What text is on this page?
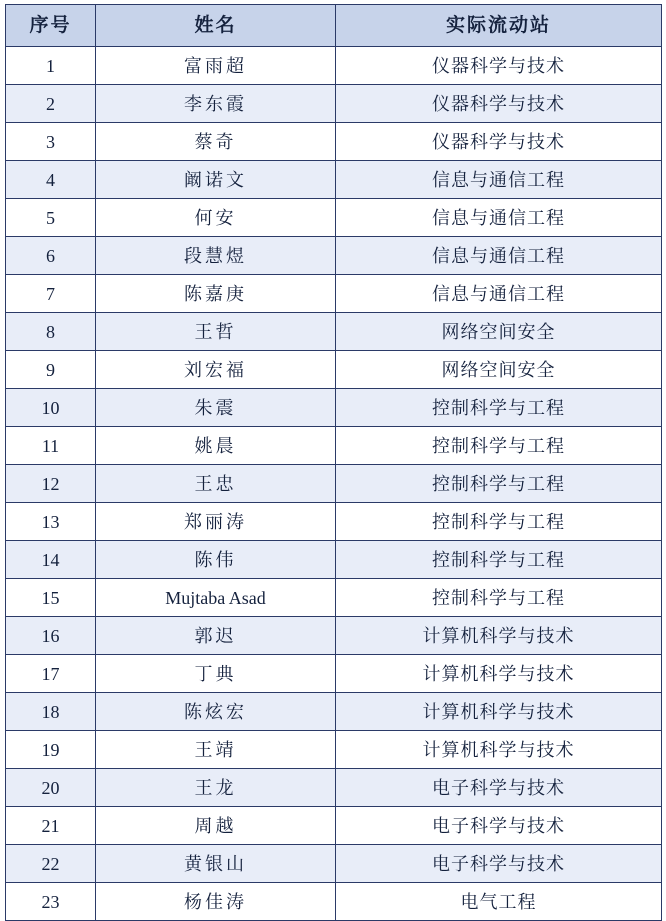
序号	姓名	实际流动站
1	富雨超	仪器科学与技术
2	李东霞	仪器科学与技术
3	蔡奇	仪器科学与技术
4	阚诺文	信息与通信工程
5	何安	信息与通信工程
6	段慧煜	信息与通信工程
7	陈嘉庚	信息与通信工程
8	王哲	网络空间安全
9	刘宏福	网络空间安全
10	朱震	控制科学与工程
11	姚晨	控制科学与工程
12	王忠	控制科学与工程
13	郑丽涛	控制科学与工程
14	陈伟	控制科学与工程
15	Mujtaba Asad	控制科学与工程
16	郭迟	计算机科学与技术
17	丁典	计算机科学与技术
18	陈炫宏	计算机科学与技术
19	王靖	计算机科学与技术
20	王龙	电子科学与技术
21	周越	电子科学与技术
22	黄银山	电子科学与技术
23	杨佳涛	电气工程
